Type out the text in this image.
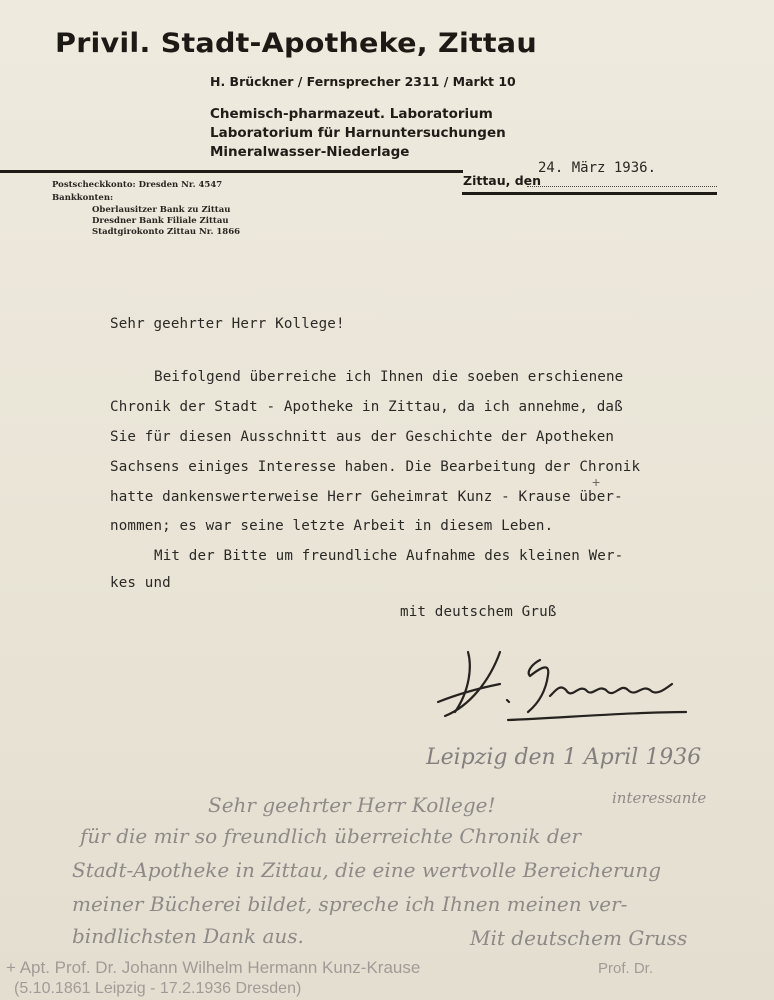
Privil. Stadt-Apotheke, Zittau
H. Brückner / Fernsprecher 2311 / Markt 10
Chemisch-pharmazeut. Laboratorium
Laboratorium für Harnuntersuchungen
Mineralwasser-Niederlage
Zittau, den
24. März 1936.
Postscheckkonto: Dresden Nr. 4547
Bankkonten:
Oberlausitzer Bank zu Zittau
Dresdner Bank Filiale Zittau
Stadtgirokonto Zittau Nr. 1866
Sehr geehrter Herr Kollege!
Beifolgend überreiche ich Ihnen die soeben erschienene
Chronik der Stadt - Apotheke in Zittau, da ich annehme, daß
Sie für diesen Ausschnitt aus der Geschichte der Apotheken
Sachsens einiges Interesse haben. Die Bearbeitung der Chronik
hatte dankenswerterweise Herr Geheimrat Kunz - Krause über-
+
nommen; es war seine letzte Arbeit in diesem Leben.
Mit der Bitte um freundliche Aufnahme des kleinen Wer-
kes und
mit deutschem Gruß
Leipzig den 1 April 1936
Sehr geehrter Herr Kollege!	interessante
für die mir so freundlich überreichte Chronik der
Stadt-Apotheke in Zittau, die eine wertvolle Bereicherung
meiner Bücherei bildet, spreche ich Ihnen meinen ver-
bindlichsten Dank aus.	Mit deutschem Gruss
+ Apt. Prof. Dr. Johann Wilhelm Hermann Kunz-Krause
(5.10.1861 Leipzig - 17.2.1936 Dresden)
Prof. Dr.
